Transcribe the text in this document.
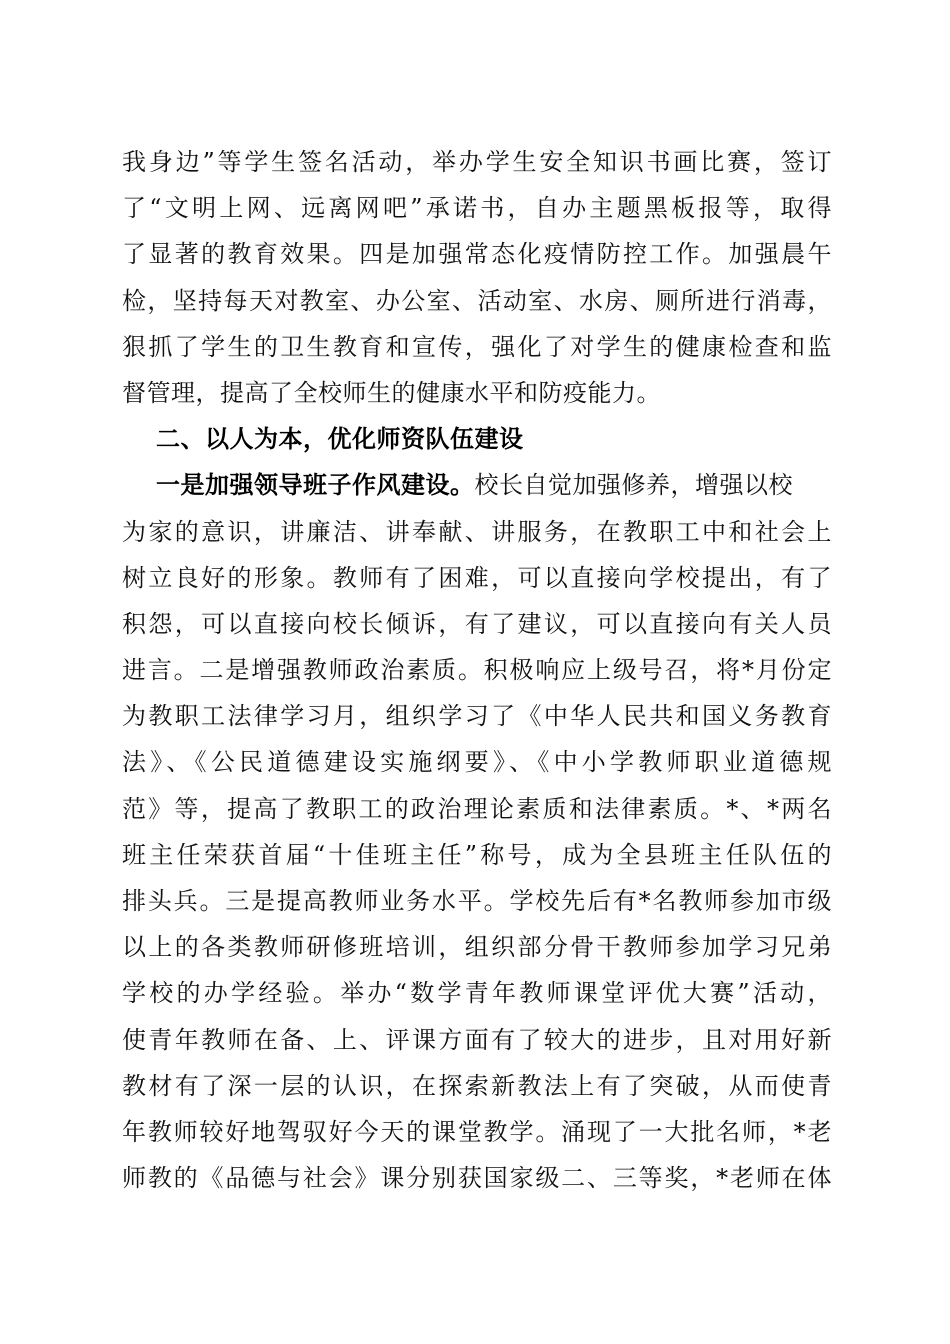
我身边”等学生签名活动，举办学生安全知识书画比赛，签订
了“文明上网、远离网吧”承诺书，自办主题黑板报等，取得
了显著的教育效果。四是加强常态化疫情防控工作。加强晨午
检，坚持每天对教室、办公室、活动室、水房、厕所进行消毒，
狠抓了学生的卫生教育和宣传，强化了对学生的健康检查和监
督管理，提高了全校师生的健康水平和防疫能力。
二、以人为本，优化师资队伍建设
一是加强领导班子作风建设。校长自觉加强修养，增强以校
为家的意识，讲廉洁、讲奉献、讲服务，在教职工中和社会上
树立良好的形象。教师有了困难，可以直接向学校提出，有了
积怨，可以直接向校长倾诉，有了建议，可以直接向有关人员
进言。二是增强教师政治素质。积极响应上级号召，将*月份定
为教职工法律学习月，组织学习了《中华人民共和国义务教育
法》、《公民道德建设实施纲要》、《中小学教师职业道德规
范》等，提高了教职工的政治理论素质和法律素质。*、*两名
班主任荣获首届“十佳班主任”称号，成为全县班主任队伍的
排头兵。三是提高教师业务水平。学校先后有*名教师参加市级
以上的各类教师研修班培训，组织部分骨干教师参加学习兄弟
学校的办学经验。举办“数学青年教师课堂评优大赛”活动，
使青年教师在备、上、评课方面有了较大的进步，且对用好新
教材有了深一层的认识，在探索新教法上有了突破，从而使青
年教师较好地驾驭好今天的课堂教学。涌现了一大批名师，*老
师教的《品德与社会》课分别获国家级二、三等奖，*老师在体
